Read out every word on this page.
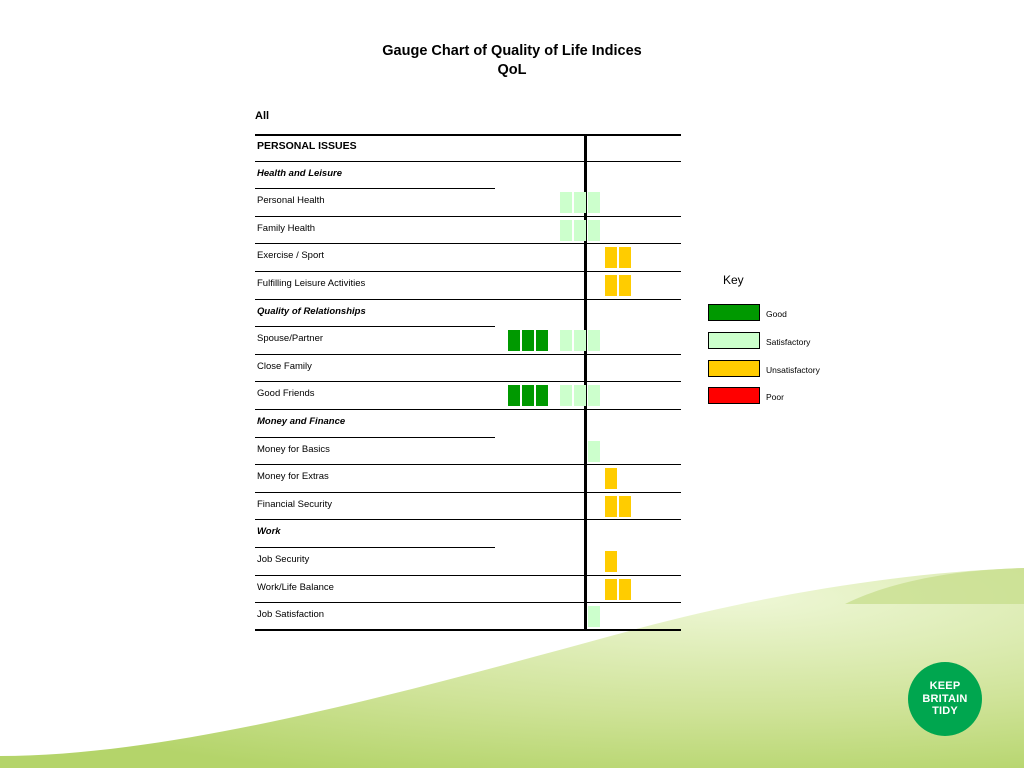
Gauge Chart of Quality of Life Indices
QoL
All
PERSONAL ISSUES
Health and Leisure
Personal Health
Family Health
Exercise / Sport
Fulfilling Leisure Activities
Quality of Relationships
Spouse/Partner
Close Family
Good Friends
Money and Finance
Money for Basics
Money for Extras
Financial Security
Work
Job Security
Work/Life Balance
Job Satisfaction
Key
Good
Satisfactory
Unsatisfactory
Poor
KEEP
BRITAIN
TIDY
